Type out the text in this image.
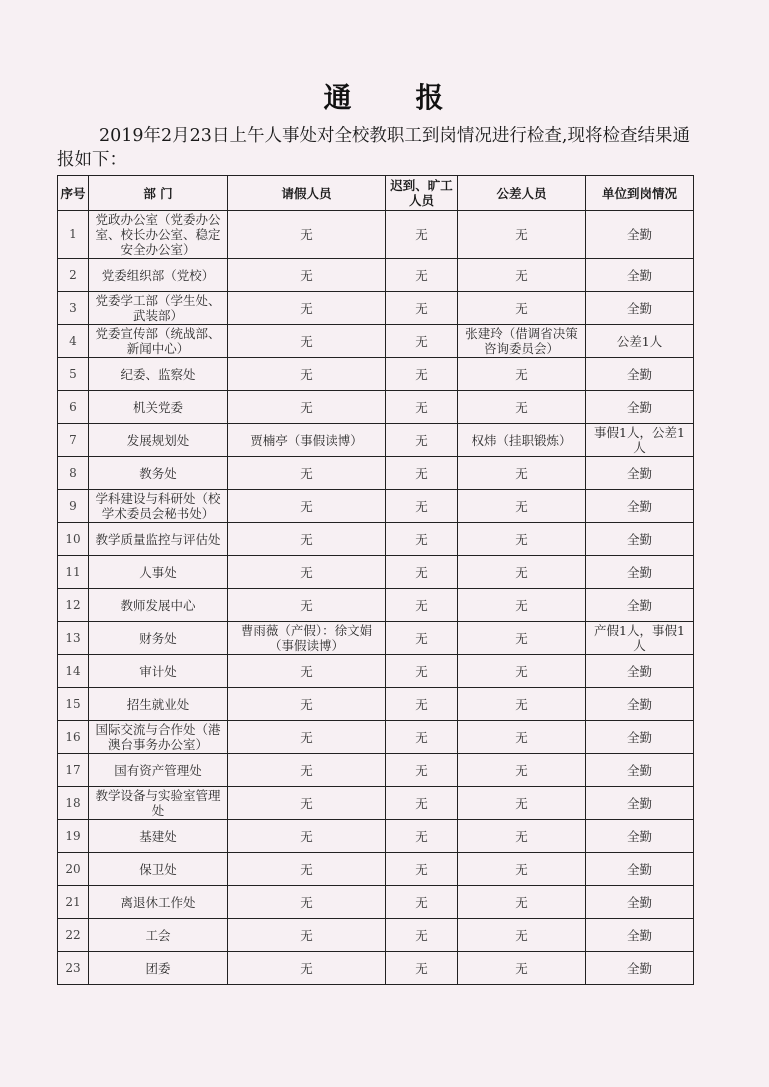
通 报
2019年2月23日上午人事处对全校教职工到岗情况进行检查,现将检查结果通报如下：
序号	部 门	请假人员	迟到、旷工人员	公差人员	单位到岗情况
1	党政办公室（党委办公室、校长办公室、稳定安全办公室）	无	无	无	全勤
2	党委组织部（党校）	无	无	无	全勤
3	党委学工部（学生处、武装部）	无	无	无	全勤
4	党委宣传部（统战部、新闻中心）	无	无	张建玲（借调省决策咨询委员会）	公差1人
5	纪委、监察处	无	无	无	全勤
6	机关党委	无	无	无	全勤
7	发展规划处	贾楠亭（事假读博）	无	权炜（挂职锻炼）	事假1人，公差1人
8	教务处	无	无	无	全勤
9	学科建设与科研处（校学术委员会秘书处）	无	无	无	全勤
10	教学质量监控与评估处	无	无	无	全勤
11	人事处	无	无	无	全勤
12	教师发展中心	无	无	无	全勤
13	财务处	曹雨薇（产假）：徐文娟（事假读博）	无	无	产假1人，事假1人
14	审计处	无	无	无	全勤
15	招生就业处	无	无	无	全勤
16	国际交流与合作处（港澳台事务办公室）	无	无	无	全勤
17	国有资产管理处	无	无	无	全勤
18	教学设备与实验室管理处	无	无	无	全勤
19	基建处	无	无	无	全勤
20	保卫处	无	无	无	全勤
21	离退休工作处	无	无	无	全勤
22	工会	无	无	无	全勤
23	团委	无	无	无	全勤
